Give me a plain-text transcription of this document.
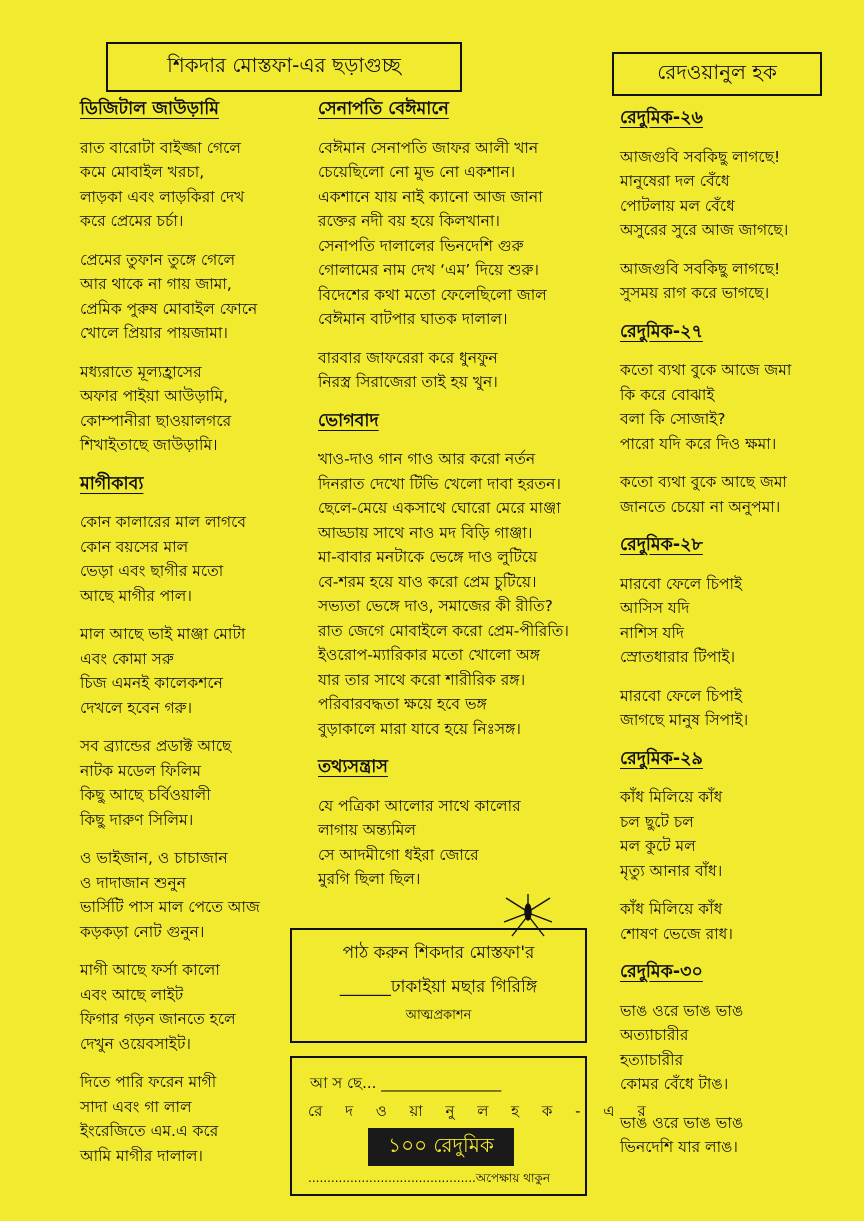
শিকদার মোস্তফা-এর ছড়াগুচ্ছ	রেদওয়ানুল হক
ডিজিটাল জাউড়ামি
রাত বারোটা বাইজ্জা গেলে
কমে মোবাইল খরচা,
লাড়কা এবং লাড়কিরা দেখ
করে প্রেমের চর্চা।
প্রেমের তুফান তুঙ্গে গেলে
আর থাকে না গায় জামা,
প্রেমিক পুরুষ মোবাইল ফোনে
খোলে প্রিয়ার পায়জামা।
মধ্যরাতে মূল্যহ্রাসের
অফার পাইয়া আউড়ামি,
কোম্পানীরা ছাওয়ালগরে
শিখাইতাছে জাউড়ামি।
মাগীকাব্য
কোন কালারের মাল লাগবে
কোন বয়সের মাল
ভেড়া এবং ছাগীর মতো
আছে মাগীর পাল।
মাল আছে ভাই মাঞ্জা মোটা
এবং কোমা সরু
চিজ এমনই কালেকশনে
দেখলে হবেন গরু।
সব ব্র্যান্ডের প্রডাক্ট আছে
নাটক মডেল ফিলিম
কিছু আছে চর্বিওয়ালী
কিছু দারুণ সিলিম।
ও ভাইজান, ও চাচাজান
ও দাদাজান শুনুন
ভার্সিটি পাস মাল পেতে আজ
কড়কড়া নোট গুনুন।
মাগী আছে ফর্সা কালো
এবং আছে লাইট
ফিগার গড়ন জানতে হলে
দেখুন ওয়েবসাইট।
দিতে পারি ফরেন মাগী
সাদা এবং গা লাল
ইংরেজিতে এম.এ করে
আমি মাগীর দালাল।
সেনাপতি বেঈমানে
বেঈমান সেনাপতি জাফর আলী খান
চেয়েছিলো নো মুভ নো একশান।
একশানে যায় নাই ক্যানো আজ জানা
রক্তের নদী বয় হয়ে কিলখানা।
সেনাপতি দালালের ভিনদেশি গুরু
গোলামের নাম দেখ ‘এম’ দিয়ে শুরু।
বিদেশের কথা মতো ফেলেছিলো জাল
বেঈমান বাটপার ঘাতক দালাল।
বারবার জাফরেরা করে ধুনফুন
নিরস্ত্র সিরাজেরা তাই হয় খুন।
ভোগবাদ
খাও-দাও গান গাও আর করো নর্তন
দিনরাত দেখো টিভি খেলো দাবা হরতন।
ছেলে-মেয়ে একসাথে ঘোরো মেরে মাঞ্জা
আড্ডায় সাথে নাও মদ বিড়ি গাঞ্জা।
মা-বাবার মনটাকে ভেঙ্গে দাও লুটিয়ে
বে-শরম হয়ে যাও করো প্রেম চুটিয়ে।
সভ্যতা ভেঙ্গে দাও, সমাজের কী রীতি?
রাত জেগে মোবাইলে করো প্রেম-পীরিতি।
ইওরোপ-ম্যারিকার মতো খোলো অঙ্গ
যার তার সাথে করো শারীরিক রঙ্গ।
পরিবারবদ্ধতা ক্ষয়ে হবে ভঙ্গ
বুড়াকালে মারা যাবে হয়ে নিঃসঙ্গ।
তথ্যসন্ত্রাস
যে পত্রিকা আলোর সাথে কালোর
লাগায় অন্ত্যমিল
সে আদমীগো ধইরা জোরে
মুরগি ছিলা ছিল।
রেদুমিক-২৬
আজগুবি সবকিছু লাগছে!
মানুষেরা দল বেঁধে
পোটলায় মল বেঁধে
অসুরের সুরে আজ জাগছে।
আজগুবি সবকিছু লাগছে!
সুসময় রাগ করে ভাগছে।
রেদুমিক-২৭
কতো ব্যথা বুকে আজে জমা
কি করে বোঝাই
বলা কি সোজাই?
পারো যদি করে দিও ক্ষমা।
কতো ব্যথা বুকে আছে জমা
জানতে চেয়ো না অনুপমা।
রেদুমিক-২৮
মারবো ফেলে চিপাই
আসিস যদি
নাশিস যদি
স্রোতধারার টিপাই।
মারবো ফেলে চিপাই
জাগছে মানুষ সিপাই।
রেদুমিক-২৯
কাঁধ মিলিয়ে কাঁধ
চল ছুটে চল
মল কুটে মল
মৃত্যু আনার বাঁধ।
কাঁধ মিলিয়ে কাঁধ
শোষণ ভেজে রাধ।
রেদুমিক-৩০
ভাঙ ওরে ভাঙ ভাঙ
অত্যাচারীর
হত্যাচারীর
কোমর বেঁধে টাঙ।
ভাঙ ওরে ভাঙ ভাঙ
ভিনদেশি যার লাঙ।
পাঠ করুন শিকদার মোস্তফা'র
______ঢাকাইয়া মছার গিরিঙ্গি
আত্মপ্রকাশন
আ স ছে... ________________
রে দ ও য়া নু ল হ ক - এ র
১০০ রেদুমিক
............................................অপেক্ষায় থাকুন
